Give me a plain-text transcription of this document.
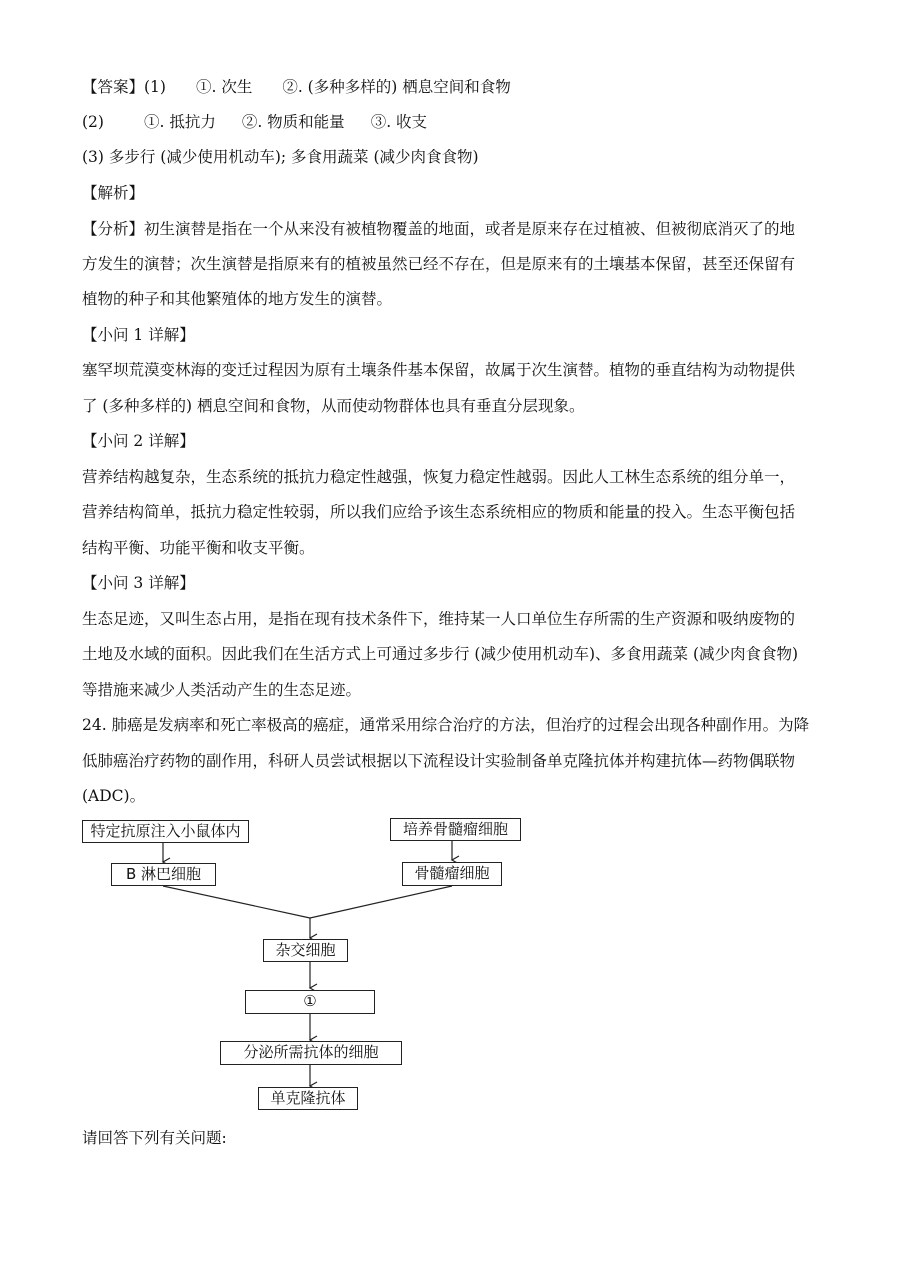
【答案】(1) ①. 次生 ②. (多种多样的) 栖息空间和食物
(2)	①. 抵抗力 ②. 物质和能量 ③. 收支
(3) 多步行 (减少使用机动车); 多食用蔬菜 (减少肉食食物)
【解析】
【分析】初生演替是指在一个从来没有被植物覆盖的地面，或者是原来存在过植被、但被彻底消灭了的地
方发生的演替；次生演替是指原来有的植被虽然已经不存在，但是原来有的土壤基本保留，甚至还保留有
植物的种子和其他繁殖体的地方发生的演替。
【小问 1 详解】
塞罕坝荒漠变林海的变迁过程因为原有土壤条件基本保留，故属于次生演替。植物的垂直结构为动物提供
了 (多种多样的) 栖息空间和食物，从而使动物群体也具有垂直分层现象。
【小问 2 详解】
营养结构越复杂，生态系统的抵抗力稳定性越强，恢复力稳定性越弱。因此人工林生态系统的组分单一，
营养结构简单，抵抗力稳定性较弱，所以我们应给予该生态系统相应的物质和能量的投入。生态平衡包括
结构平衡、功能平衡和收支平衡。
【小问 3 详解】
生态足迹，又叫生态占用，是指在现有技术条件下，维持某一人口单位生存所需的生产资源和吸纳废物的
土地及水域的面积。因此我们在生活方式上可通过多步行 (减少使用机动车)、多食用蔬菜 (减少肉食食物)
等措施来减少人类活动产生的生态足迹。
24. 肺癌是发病率和死亡率极高的癌症，通常采用综合治疗的方法，但治疗的过程会出现各种副作用。为降
低肺癌治疗药物的副作用，科研人员尝试根据以下流程设计实验制备单克隆抗体并构建抗体—药物偶联物
(ADC)。
特定抗原注入小鼠体内
B 淋巴细胞
培养骨髓瘤细胞
骨髓瘤细胞
杂交细胞
①
分泌所需抗体的细胞
单克隆抗体
请回答下列有关问题:
